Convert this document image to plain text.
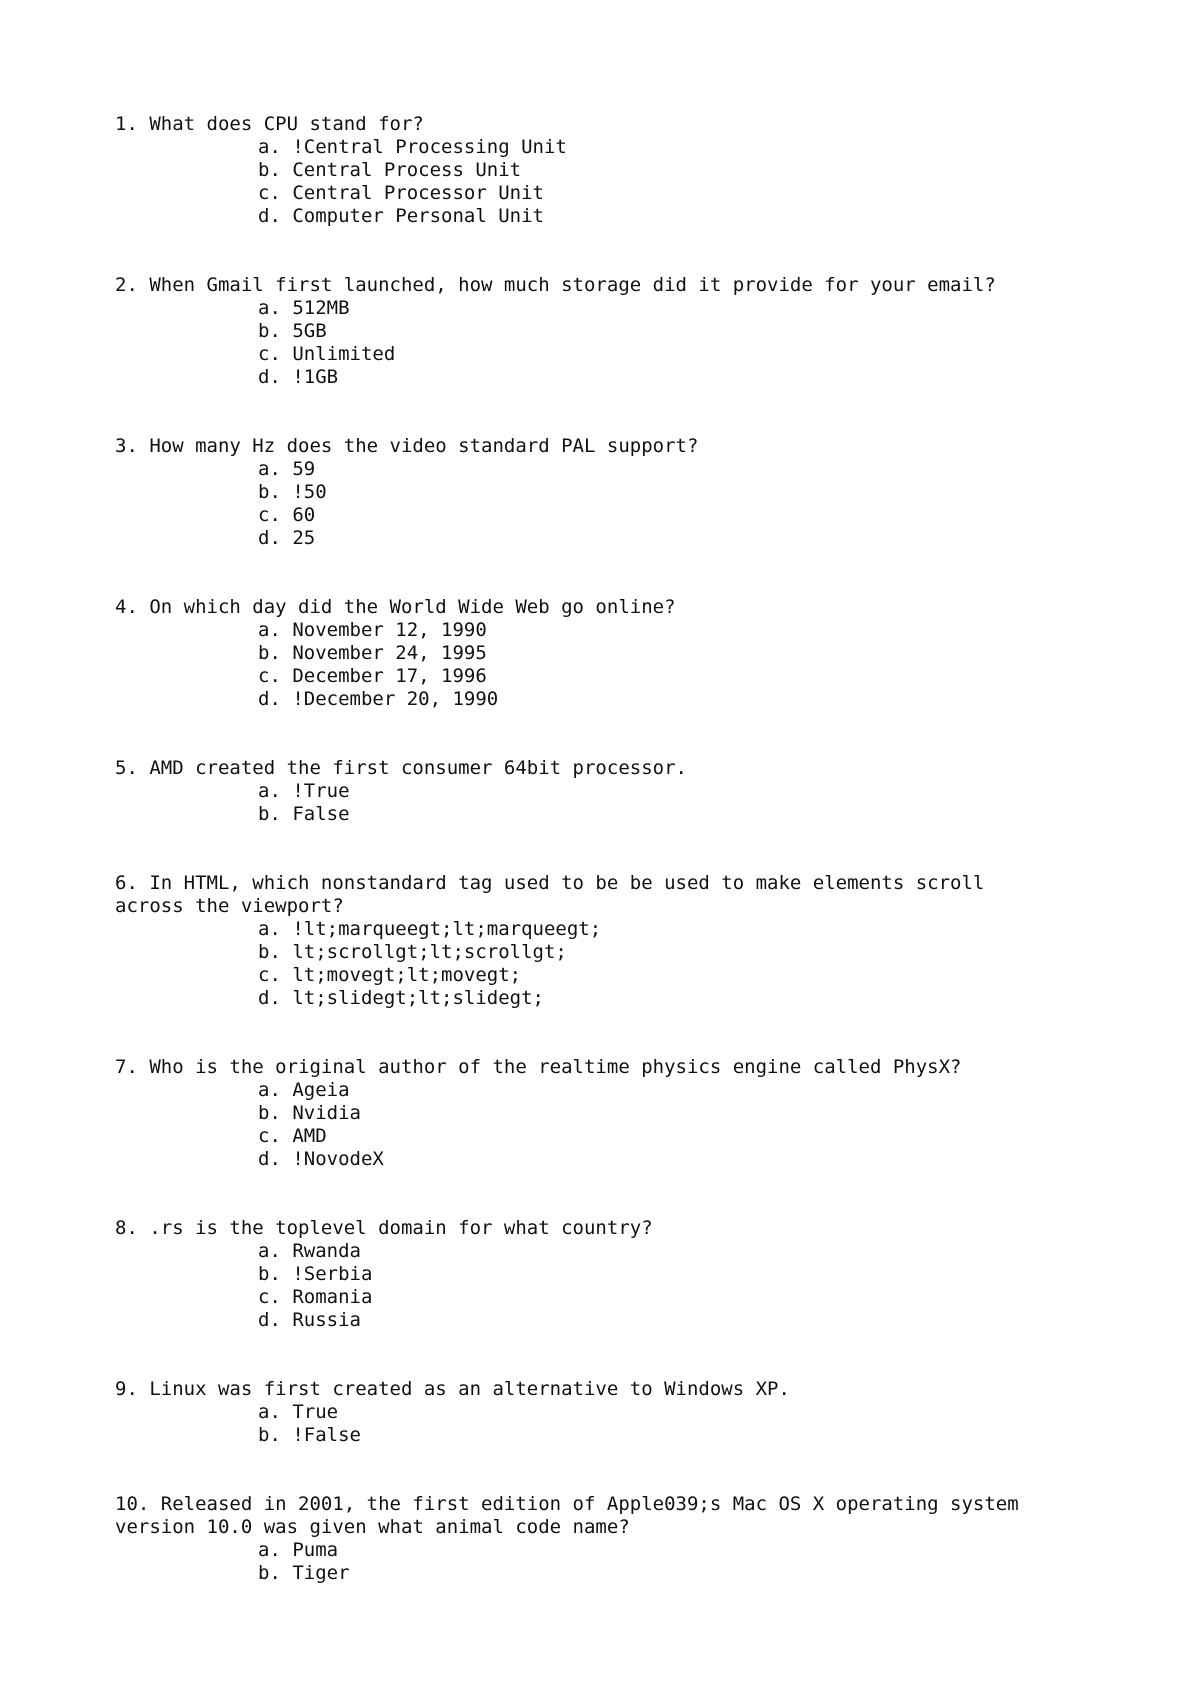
1. What does CPU stand for?

a. !Central Processing Unit
b. Central Process Unit
c. Central Processor Unit
d. Computer Personal Unit

2. When Gmail first launched, how much storage did it provide for your email?

a. 512MB
b. 5GB
c. Unlimited
d. !1GB

3. How many Hz does the video standard PAL support?

a. 59
b. !50
c. 60
d. 25

4. On which day did the World Wide Web go online?

a. November 12, 1990
b. November 24, 1995
c. December 17, 1996
d. !December 20, 1990

5. AMD created the first consumer 64bit processor.

a. !True
b. False

6. In HTML, which nonstandard tag used to be be used to make elements scroll
across the viewport?

a. !lt;marqueegt;lt;marqueegt;
b. lt;scrollgt;lt;scrollgt;
c. lt;movegt;lt;movegt;
d. lt;slidegt;lt;slidegt;

7. Who is the original author of the realtime physics engine called PhysX?

a. Ageia
b. Nvidia
c. AMD
d. !NovodeX

8. .rs is the toplevel domain for what country?

a. Rwanda
b. !Serbia
c. Romania
d. Russia

9. Linux was first created as an alternative to Windows XP.

a. True
b. !False

10. Released in 2001, the first edition of Apple039;s Mac OS X operating system
version 10.0 was given what animal code name?

a. Puma
b. Tiger
